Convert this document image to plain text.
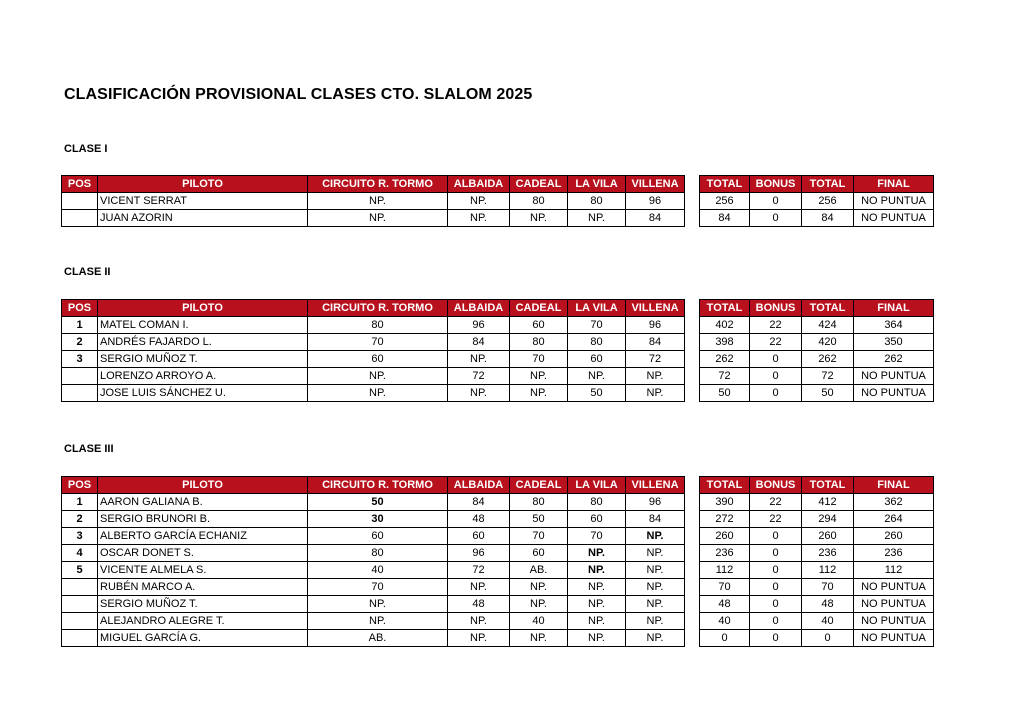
CLASIFICACIÓN PROVISIONAL CLASES CTO. SLALOM 2025
CLASE I
POS	PILOTO	CIRCUITO R. TORMO	ALBAIDA	CADEAL	LA VILA	VILLENA
	VICENT SERRAT	NP.	NP.	80	80	96
	JUAN AZORIN	NP.	NP.	NP.	NP.	84
TOTAL	BONUS	TOTAL	FINAL
256	0	256	NO PUNTUA
84	0	84	NO PUNTUA
CLASE II
POS	PILOTO	CIRCUITO R. TORMO	ALBAIDA	CADEAL	LA VILA	VILLENA
1	MATEL COMAN I.	80	96	60	70	96
2	ANDRÉS FAJARDO L.	70	84	80	80	84
3	SERGIO MUÑOZ T.	60	NP.	70	60	72
	LORENZO ARROYO A.	NP.	72	NP.	NP.	NP.
	JOSE LUIS SÁNCHEZ U.	NP.	NP.	NP.	50	NP.
TOTAL	BONUS	TOTAL	FINAL
402	22	424	364
398	22	420	350
262	0	262	262
72	0	72	NO PUNTUA
50	0	50	NO PUNTUA
CLASE III
POS	PILOTO	CIRCUITO R. TORMO	ALBAIDA	CADEAL	LA VILA	VILLENA
1	AARON GALIANA B.	50	84	80	80	96
2	SERGIO BRUNORI B.	30	48	50	60	84
3	ALBERTO GARCÍA ECHANIZ	60	60	70	70	NP.
4	OSCAR DONET S.	80	96	60	NP.	NP.
5	VICENTE ALMELA S.	40	72	AB.	NP.	NP.
	RUBÉN MARCO A.	70	NP.	NP.	NP.	NP.
	SERGIO MUÑOZ T.	NP.	48	NP.	NP.	NP.
	ALEJANDRO ALEGRE T.	NP.	NP.	40	NP.	NP.
	MIGUEL GARCÍA G.	AB.	NP.	NP.	NP.	NP.
TOTAL	BONUS	TOTAL	FINAL
390	22	412	362
272	22	294	264
260	0	260	260
236	0	236	236
112	0	112	112
70	0	70	NO PUNTUA
48	0	48	NO PUNTUA
40	0	40	NO PUNTUA
0	0	0	NO PUNTUA
